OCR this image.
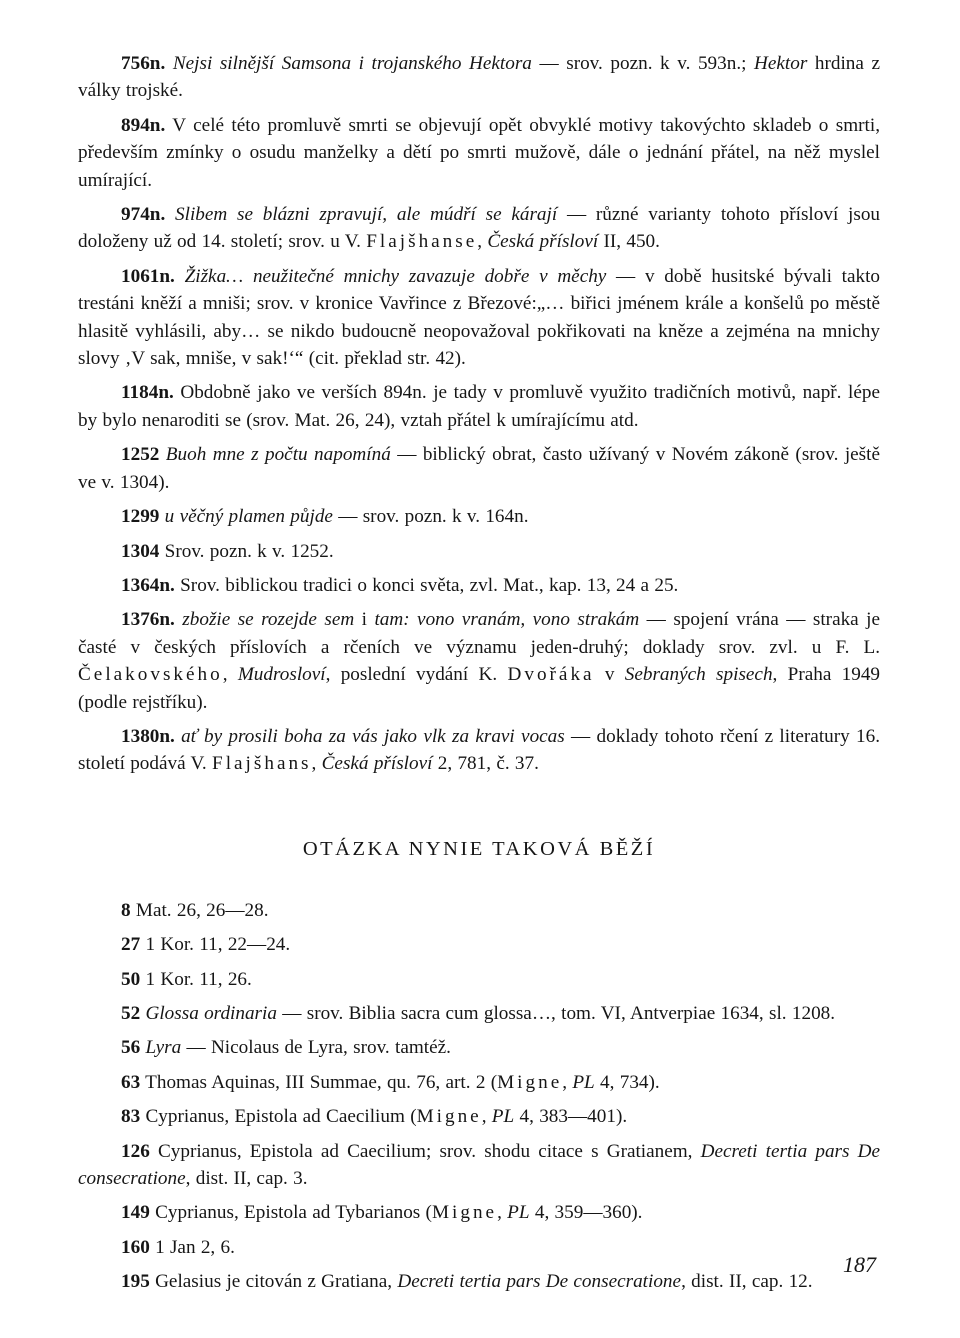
756n. Nejsi silnější Samsona i trojanského Hektora — srov. pozn. k v. 593n.; Hektor hrdina z války trojské.

894n. V celé této promluvě smrti se objevují opět obvyklé motivy takovýchto skladeb o smrti, především zmínky o osudu manželky a dětí po smrti mužově, dále o jednání přátel, na něž myslel umírající.

974n. Slibem se blázni zpravují, ale múdří se kárají — různé varianty tohoto přísloví jsou doloženy už od 14. století; srov. u V. Flajšhanse, Česká přísloví II, 450.

1061n. Žižka… neužitečné mnichy zavazuje dobře v měchy — v době husitské bývali takto trestáni kněží a mniši; srov. v kronice Vavřince z Březové:„… biřici jménem krále a konšelů po městě hlasitě vyhlásili, aby… se nikdo budoucně neopovažoval pokřikovati na kněze a zejména na mnichy slovy ‚V sak, mniše, v sak!‘“ (cit. překlad str. 42).

1184n. Obdobně jako ve verších 894n. je tady v promluvě využito tradičních motivů, např. lépe by bylo nenaroditi se (srov. Mat. 26, 24), vztah přátel k umírajícímu atd.

1252 Buoh mne z počtu napomíná — biblický obrat, často užívaný v Novém zákoně (srov. ještě ve v. 1304).

1299 u věčný plamen půjde — srov. pozn. k v. 164n.

1304 Srov. pozn. k v. 1252.

1364n. Srov. biblickou tradici o konci světa, zvl. Mat., kap. 13, 24 a 25.

1376n. zbožie se rozejde sem i tam: vono vranám, vono strakám — spojení vrána — straka je časté v českých příslovích a rčeních ve významu jeden-druhý; doklady srov. zvl. u F. L. Čelakovského, Mudrosloví, poslední vydání K. Dvořáka v Sebraných spisech, Praha 1949 (podle rejstříku).

1380n. ať by prosili boha za vás jako vlk za kravi vocas — doklady tohoto rčení z literatury 16. století podává V. Flajšhans, Česká přísloví 2, 781, č. 37.

OTÁZKA NYNIE TAKOVÁ BĚŽÍ

8 Mat. 26, 26—28.

27 1 Kor. 11, 22—24.

50 1 Kor. 11, 26.

52 Glossa ordinaria — srov. Biblia sacra cum glossa…, tom. VI, Antverpiae 1634, sl. 1208.

56 Lyra — Nicolaus de Lyra, srov. tamtéž.

63 Thomas Aquinas, III Summae, qu. 76, art. 2 (Migne, PL 4, 734).

83 Cyprianus, Epistola ad Caecilium (Migne, PL 4, 383—401).

126 Cyprianus, Epistola ad Caecilium; srov. shodu citace s Gratianem, Decreti tertia pars De consecratione, dist. II, cap. 3.

149 Cyprianus, Epistola ad Tybarianos (Migne, PL 4, 359—360).

160 1 Jan 2, 6.

195 Gelasius je citován z Gratiana, Decreti tertia pars De consecratione, dist. II, cap. 12.

187
